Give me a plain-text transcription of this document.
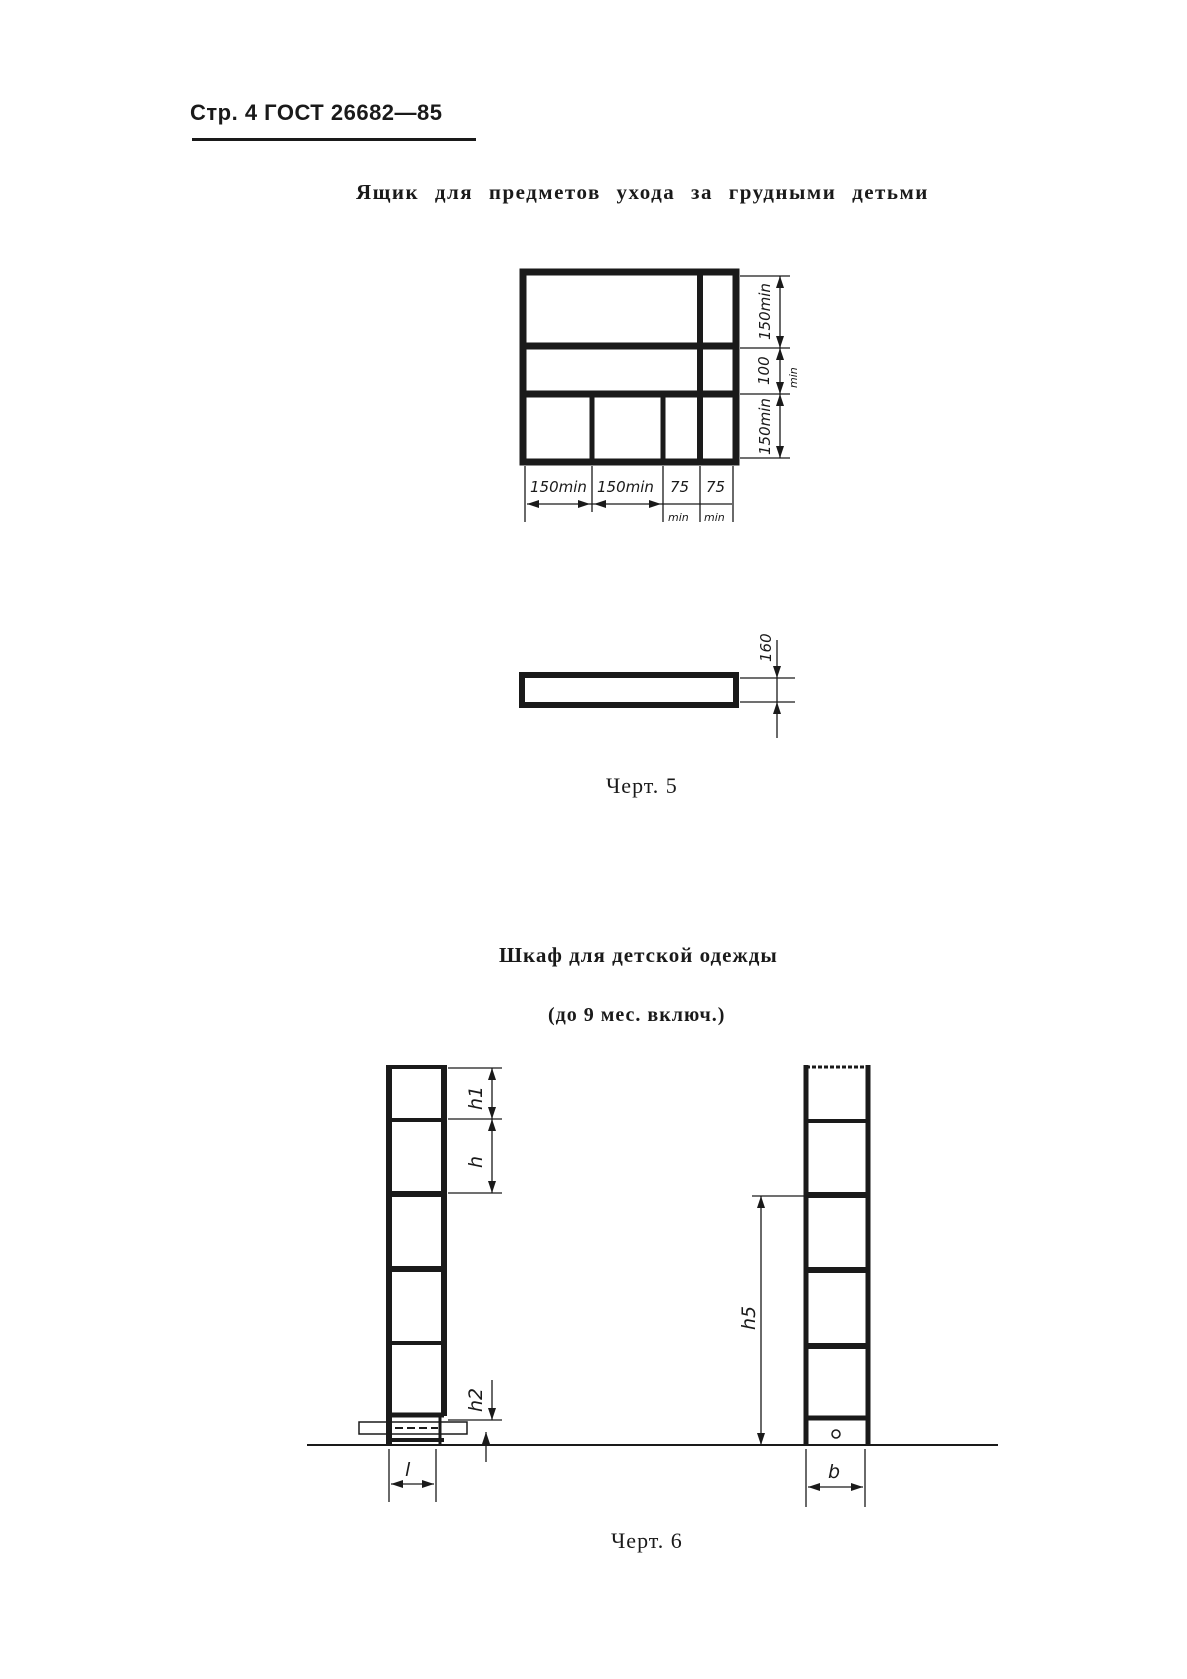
Стр. 4 ГОСТ 26682—85
Ящик для предметов ухода за грудными детьми
150min
100 min
150min
150min 150min 75
min
75
min
160
Черт. 5
Шкаф для детской одежды
(до 9 мес. включ.)
h1
h
h2
h5
l	b
Черт. 6
